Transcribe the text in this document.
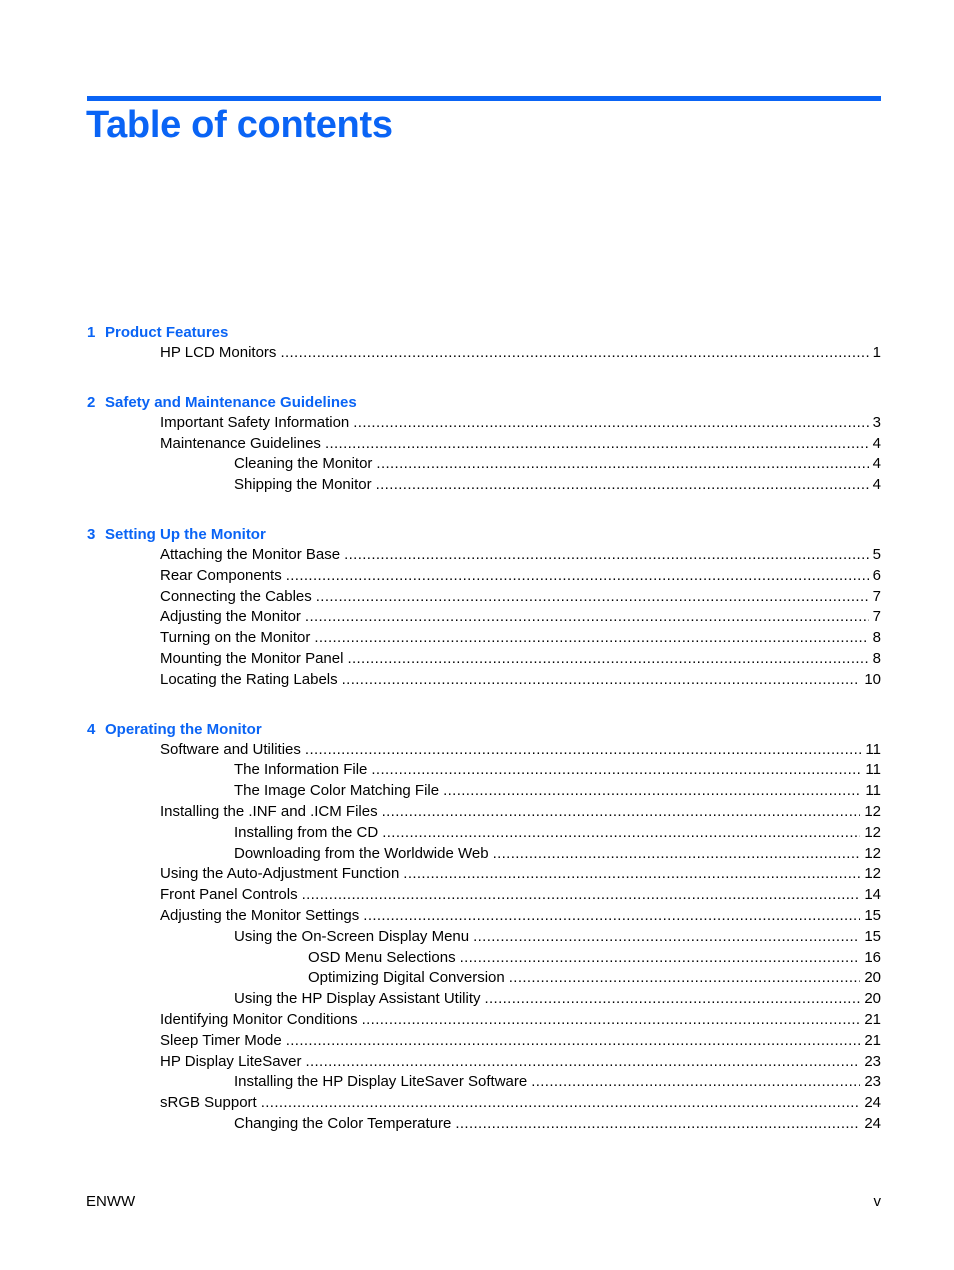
Table of contents
1 Product Features
HP LCD Monitors . . .	1
2 Safety and Maintenance Guidelines
Important Safety Information . . .	3
Maintenance Guidelines . . .	4
Cleaning the Monitor . . .	4
Shipping the Monitor . . .	4
3 Setting Up the Monitor
Attaching the Monitor Base . . .	5
Rear Components . . .	6
Connecting the Cables . . .	7
Adjusting the Monitor . . .	7
Turning on the Monitor . . .	8
Mounting the Monitor Panel . . .	8
Locating the Rating Labels . . .	10
4 Operating the Monitor
Software and Utilities . . .	11
The Information File . . .	11
The Image Color Matching File . . .	11
Installing the .INF and .ICM Files . . .	12
Installing from the CD . . .	12
Downloading from the Worldwide Web . . .	12
Using the Auto-Adjustment Function . . .	12
Front Panel Controls . . .	14
Adjusting the Monitor Settings . . .	15
Using the On-Screen Display Menu . . .	15
OSD Menu Selections . . .	16
Optimizing Digital Conversion . . .	20
Using the HP Display Assistant Utility . . .	20
Identifying Monitor Conditions . . .	21
Sleep Timer Mode . . .	21
HP Display LiteSaver . . .	23
Installing the HP Display LiteSaver Software . . .	23
sRGB Support . . .	24
Changing the Color Temperature . . .	24
ENWW	v
